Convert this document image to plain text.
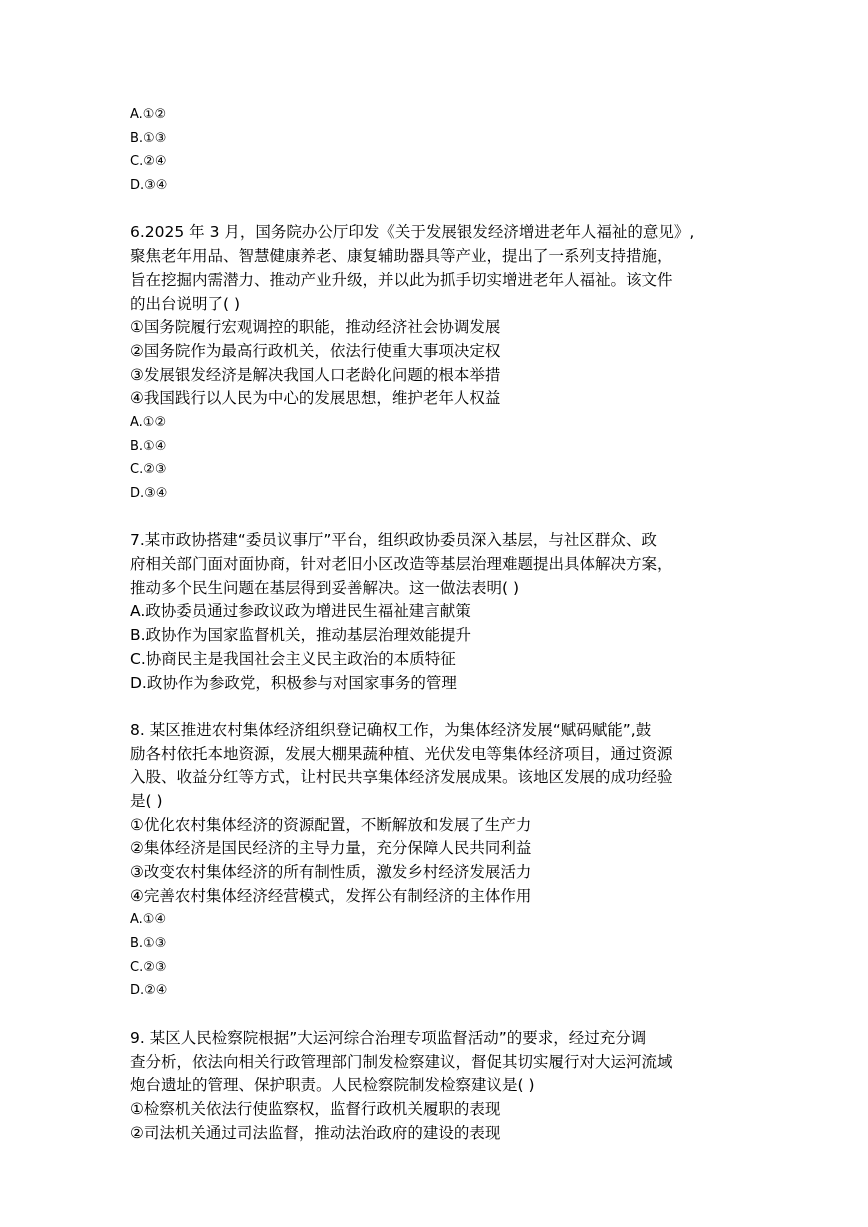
A.①②
B.①③
C.②④
D.③④
6.2025 年 3 月，国务院办公厅印发《关于发展银发经济增进老年人福祉的意见》,
聚焦老年用品、智慧健康养老、康复辅助器具等产业，提出了一系列支持措施，
旨在挖掘内需潜力、推动产业升级，并以此为抓手切实增进老年人福祉。该文件
的出台说明了( )
①国务院履行宏观调控的职能，推动经济社会协调发展
②国务院作为最高行政机关，依法行使重大事项决定权
③发展银发经济是解决我国人口老龄化问题的根本举措
④我国践行以人民为中心的发展思想，维护老年人权益
A.①②
B.①④
C.②③
D.③④
7.某市政协搭建“委员议事厅”平台，组织政协委员深入基层，与社区群众、政
府相关部门面对面协商，针对老旧小区改造等基层治理难题提出具体解决方案，
推动多个民生问题在基层得到妥善解决。这一做法表明( )
A.政协委员通过参政议政为增进民生福祉建言献策
B.政协作为国家监督机关，推动基层治理效能提升
C.协商民主是我国社会主义民主政治的本质特征
D.政协作为参政党，积极参与对国家事务的管理
8. 某区推进农村集体经济组织登记确权工作，为集体经济发展“赋码赋能”,鼓
励各村依托本地资源，发展大棚果蔬种植、光伏发电等集体经济项目，通过资源
入股、收益分红等方式，让村民共享集体经济发展成果。该地区发展的成功经验
是( )
①优化农村集体经济的资源配置，不断解放和发展了生产力
②集体经济是国民经济的主导力量，充分保障人民共同利益
③改变农村集体经济的所有制性质，激发乡村经济发展活力
④完善农村集体经济经营模式，发挥公有制经济的主体作用
A.①④
B.①③
C.②③
D.②④
9. 某区人民检察院根据”大运河综合治理专项监督活动”的要求，经过充分调
查分析，依法向相关行政管理部门制发检察建议，督促其切实履行对大运河流域
炮台遗址的管理、保护职责。人民检察院制发检察建议是( )
①检察机关依法行使监察权，监督行政机关履职的表现
②司法机关通过司法监督，推动法治政府的建设的表现
